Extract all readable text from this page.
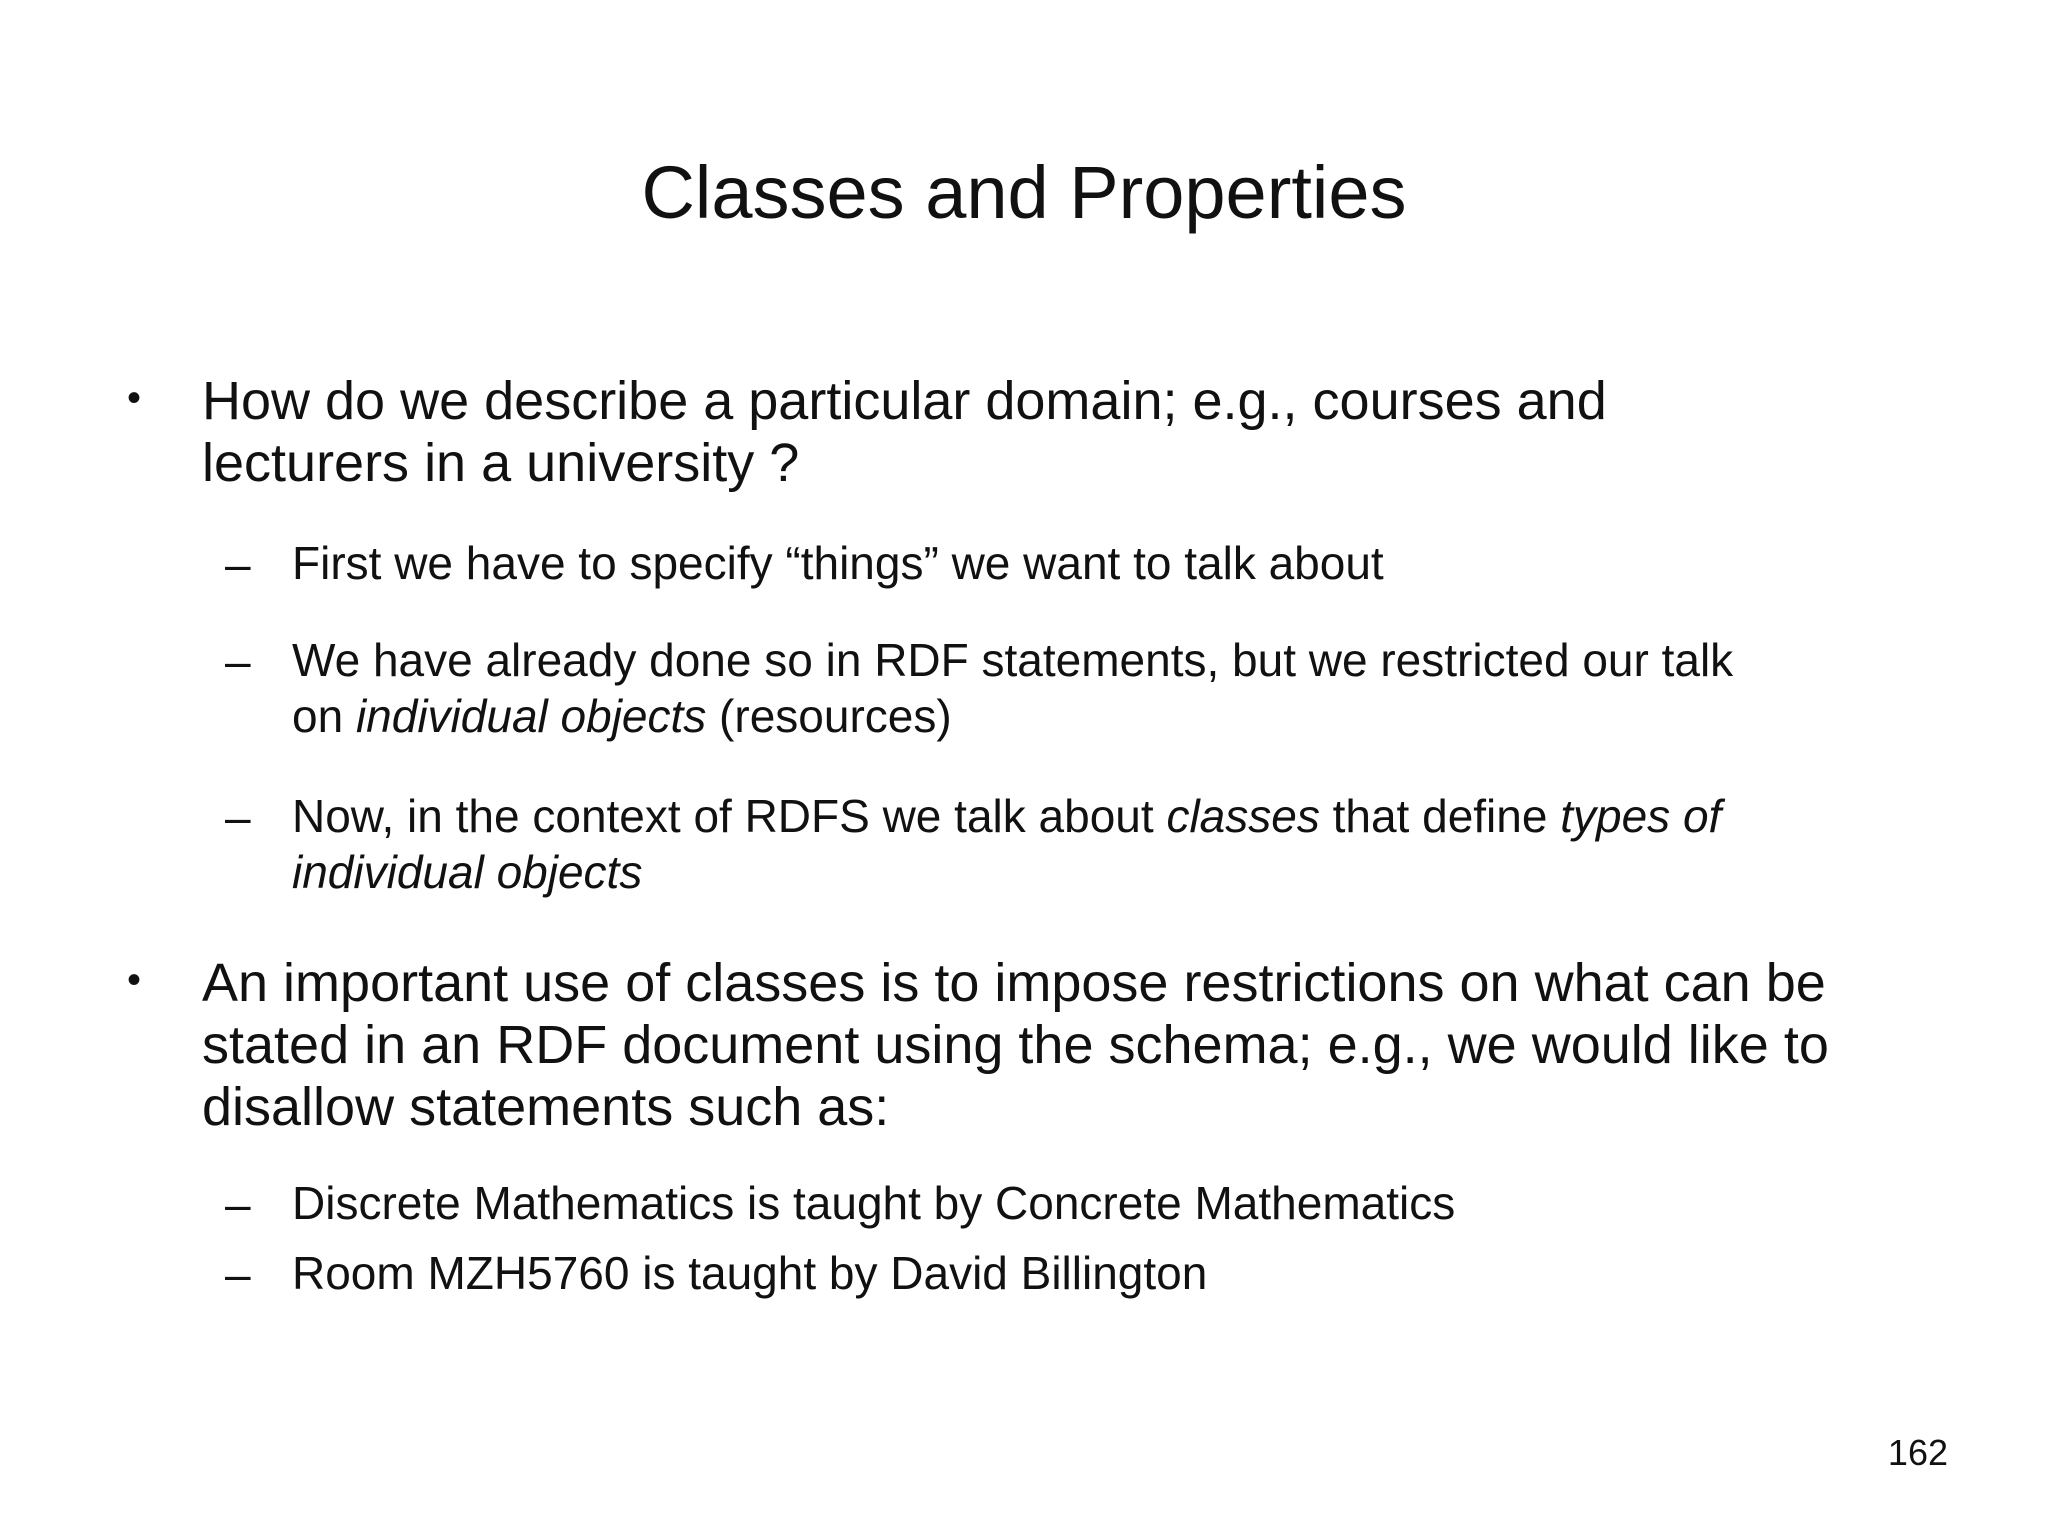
Classes and Properties
• How do we describe a particular domain; e.g., courses and
lecturers in a university ?
– First we have to specify “things” we want to talk about
– We have already done so in RDF statements, but we restricted our talk
on individual objects (resources)
– Now, in the context of RDFS we talk about classes that define types of
individual objects
• An important use of classes is to impose restrictions on what can be
stated in an RDF document using the schema; e.g., we would like to
disallow statements such as:
– Discrete Mathematics is taught by Concrete Mathematics
– Room MZH5760 is taught by David Billington
162
